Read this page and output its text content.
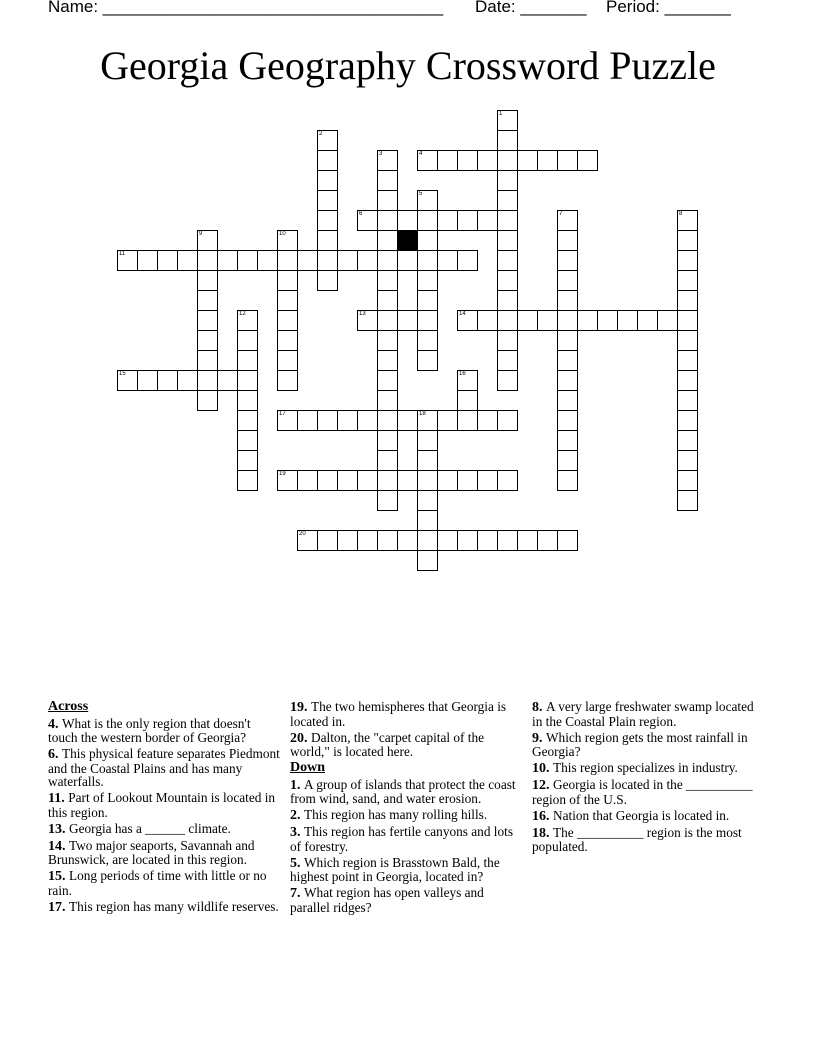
Name: ____________________________________ Date: _______ Period: _______
Georgia Geography Crossword Puzzle
1
2
3	4
5
6	7	8
9	10
11
12	13	14
15	16
17	18
19
20
Across
4. What is the only region that doesn't touch the western border of Georgia?
6. This physical feature separates Piedmont and the Coastal Plains and has many waterfalls.
11. Part of Lookout Mountain is located in this region.
13. Georgia has a ______ climate.
14. Two major seaports, Savannah and Brunswick, are located in this region.
15. Long periods of time with little or no rain.
17. This region has many wildlife reserves.
19. The two hemispheres that Georgia is located in.
20. Dalton, the "carpet capital of the world," is located here.
Down
1. A group of islands that protect the coast from wind, sand, and water erosion.
2. This region has many rolling hills.
3. This region has fertile canyons and lots of forestry.
5. Which region is Brasstown Bald, the highest point in Georgia, located in?
7. What region has open valleys and parallel ridges?
8. A very large freshwater swamp located in the Coastal Plain region.
9. Which region gets the most rainfall in Georgia?
10. This region specializes in industry.
12. Georgia is located in the __________ region of the U.S.
16. Nation that Georgia is located in.
18. The __________ region is the most populated.
